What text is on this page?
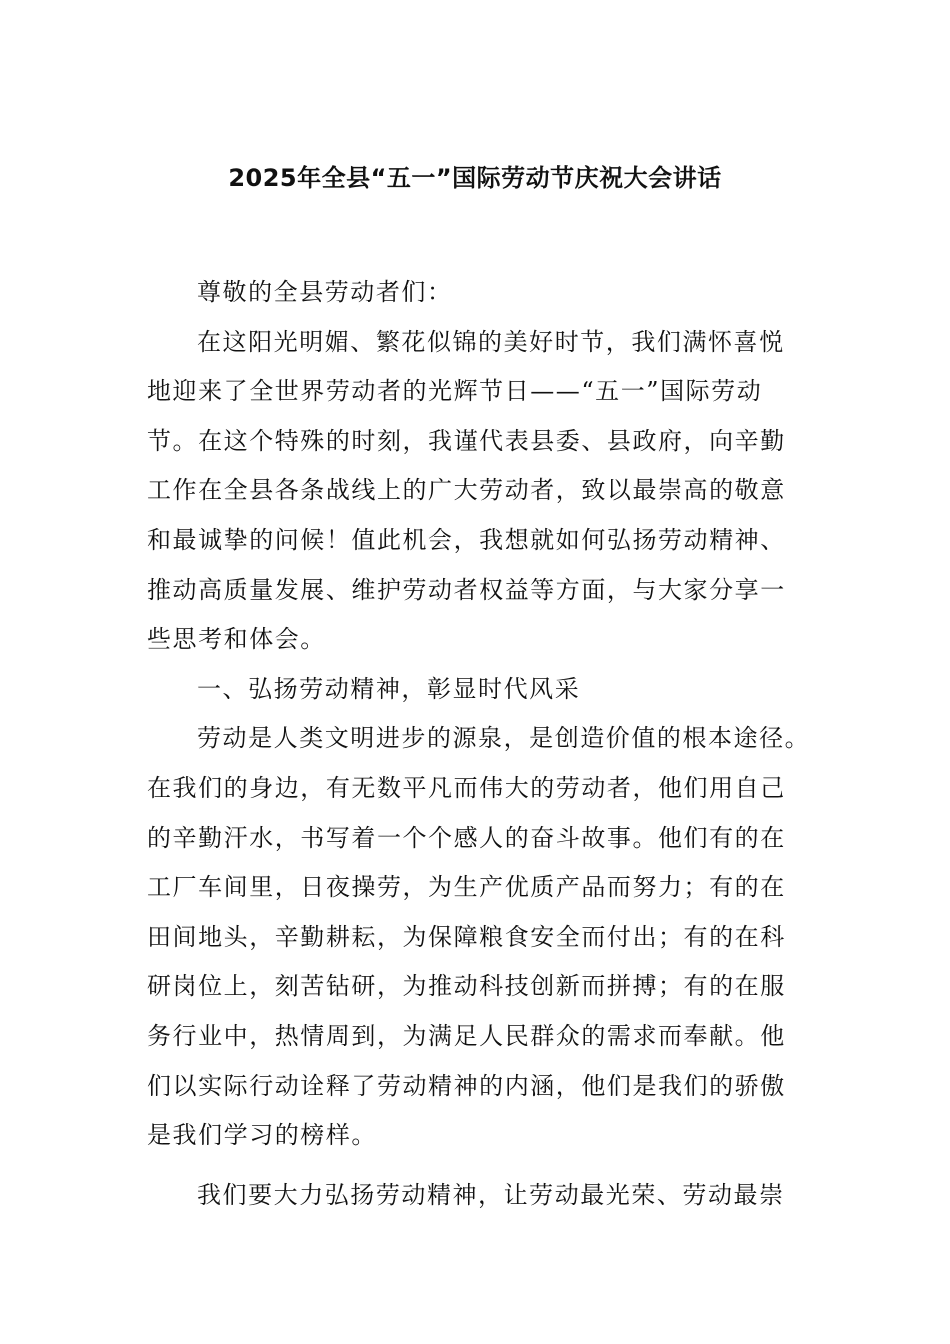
2025年全县“五一”国际劳动节庆祝大会讲话
尊敬的全县劳动者们：
在这阳光明媚、繁花似锦的美好时节，我们满怀喜悦
地迎来了全世界劳动者的光辉节日——“五一”国际劳动
节。在这个特殊的时刻，我谨代表县委、县政府，向辛勤
工作在全县各条战线上的广大劳动者，致以最崇高的敬意
和最诚挚的问候！值此机会，我想就如何弘扬劳动精神、
推动高质量发展、维护劳动者权益等方面，与大家分享一
些思考和体会。
一、弘扬劳动精神，彰显时代风采
劳动是人类文明进步的源泉，是创造价值的根本途径。
在我们的身边，有无数平凡而伟大的劳动者，他们用自己
的辛勤汗水，书写着一个个感人的奋斗故事。他们有的在
工厂车间里，日夜操劳，为生产优质产品而努力；有的在
田间地头，辛勤耕耘，为保障粮食安全而付出；有的在科
研岗位上，刻苦钻研，为推动科技创新而拼搏；有的在服
务行业中，热情周到，为满足人民群众的需求而奉献。他
们以实际行动诠释了劳动精神的内涵，他们是我们的骄傲
是我们学习的榜样。
我们要大力弘扬劳动精神，让劳动最光荣、劳动最崇
